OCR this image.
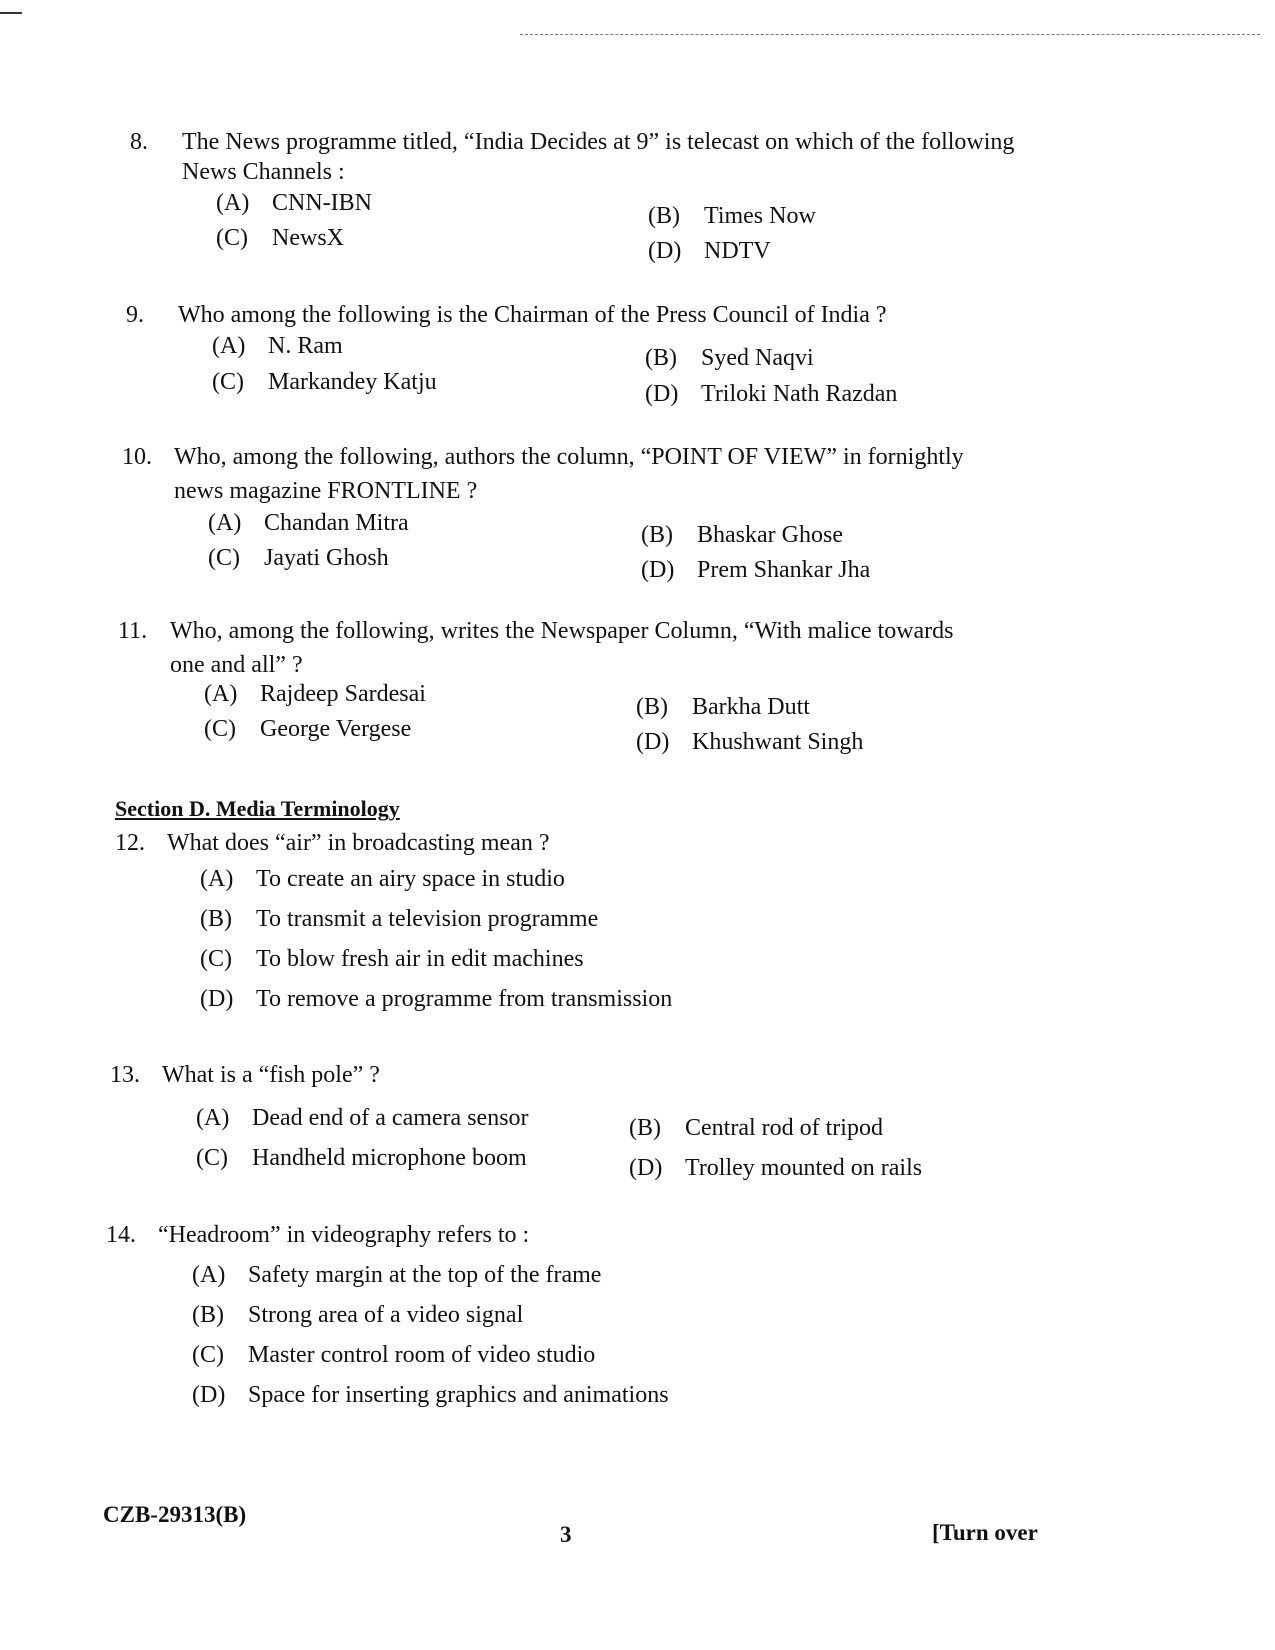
8. The News programme titled, “India Decides at 9” is telecast on which of the following
News Channels :
(A) CNN-IBN	(B) Times Now
(C) NewsX	(D) NDTV
9. Who among the following is the Chairman of the Press Council of India ?
(A) N. Ram	(B) Syed Naqvi
(C) Markandey Katju	(D) Triloki Nath Razdan
10. Who, among the following, authors the column, “POINT OF VIEW” in fornightly
news magazine FRONTLINE ?
(A) Chandan Mitra	(B) Bhaskar Ghose
(C) Jayati Ghosh	(D) Prem Shankar Jha
11. Who, among the following, writes the Newspaper Column, “With malice towards
one and all” ?
(A) Rajdeep Sardesai	(B) Barkha Dutt
(C) George Vergese	(D) Khushwant Singh
Section D. Media Terminology
12. What does “air” in broadcasting mean ?
(A) To create an airy space in studio
(B) To transmit a television programme
(C) To blow fresh air in edit machines
(D) To remove a programme from transmission
13. What is a “fish pole” ?
(A) Dead end of a camera sensor	(B) Central rod of tripod
(C) Handheld microphone boom	(D) Trolley mounted on rails
14. “Headroom” in videography refers to :
(A) Safety margin at the top of the frame
(B) Strong area of a video signal
(C) Master control room of video studio
(D) Space for inserting graphics and animations
CZB-29313(B)
3	[Turn over
